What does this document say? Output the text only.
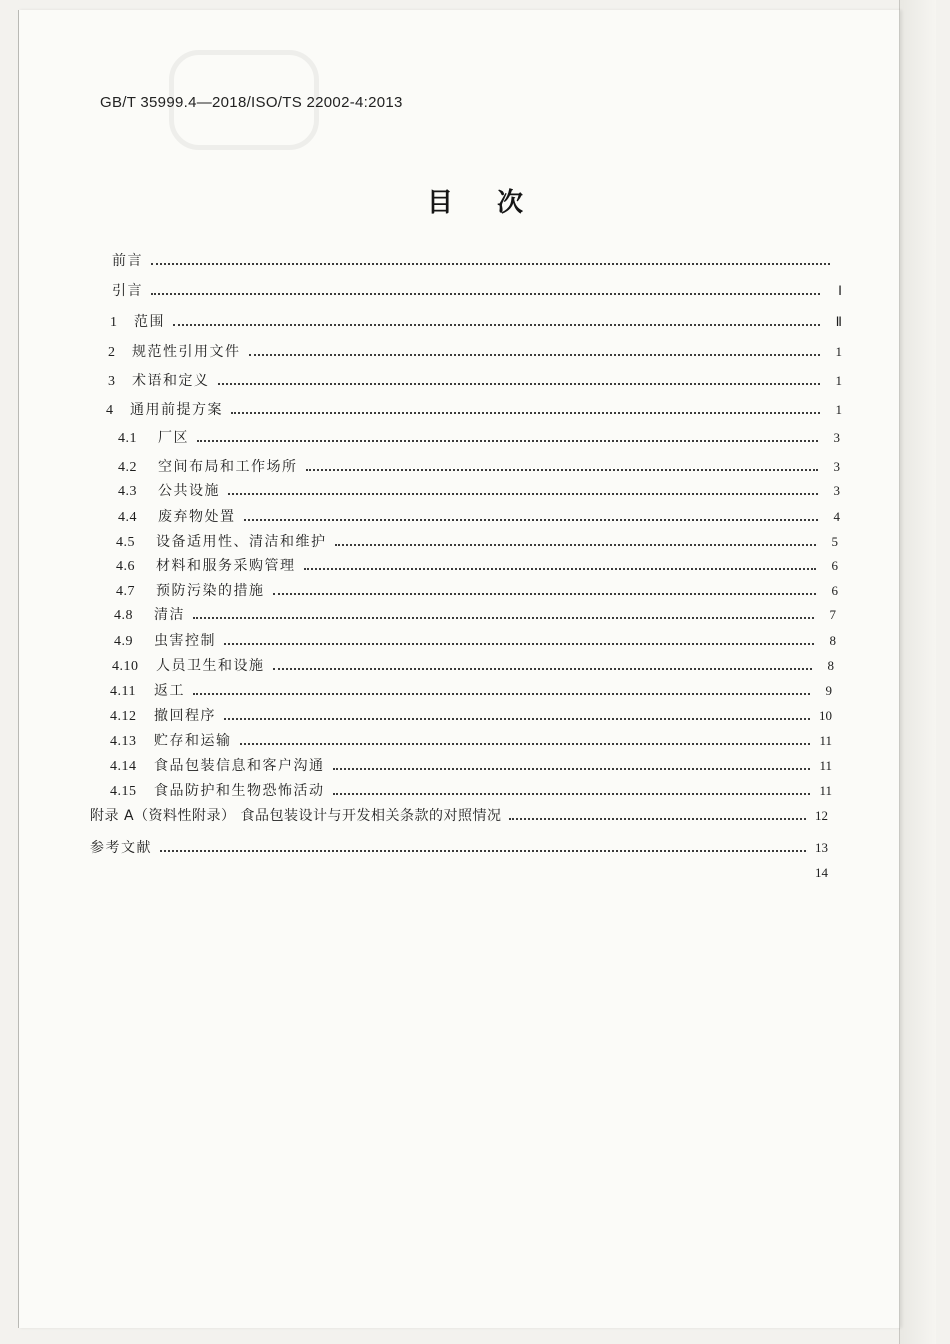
GB/T 35999.4—2018/ISO/TS 22002-4:2013
目次
前言
引言	Ⅰ
1	范围	Ⅱ
2	规范性引用文件	1
3	术语和定义	1
4	通用前提方案	1
4.1	厂区	3
4.2	空间布局和工作场所	3
4.3	公共设施	3
4.4	废弃物处置	4
4.5	设备适用性、清洁和维护	5
4.6	材料和服务采购管理	6
4.7	预防污染的措施	6
4.8	清洁	7
4.9	虫害控制	8
4.10	人员卫生和设施	8
4.11	返工	9
4.12	撤回程序	10
4.13	贮存和运输	11
4.14	食品包装信息和客户沟通	11
4.15	食品防护和生物恐怖活动	11
附录 A（资料性附录） 食品包装设计与开发相关条款的对照情况	12
参考文献	13
14
